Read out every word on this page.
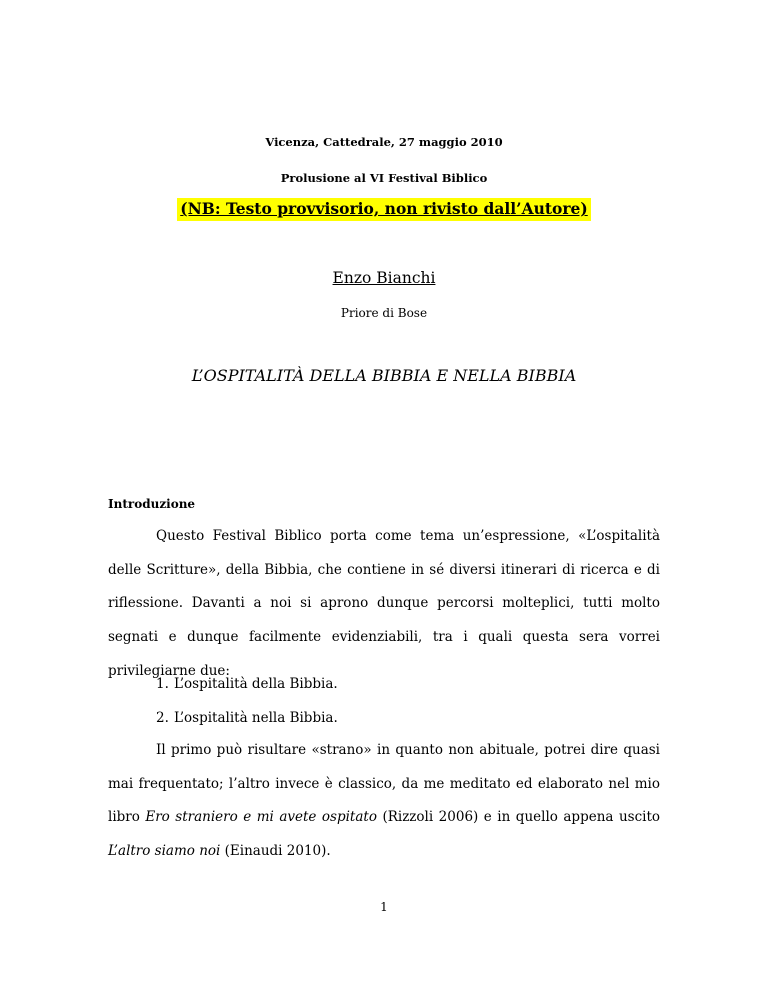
Vicenza, Cattedrale, 27 maggio 2010
Prolusione al VI Festival Biblico
(NB: Testo provvisorio, non rivisto dall’Autore)
Enzo Bianchi
Priore di Bose
L’OSPITALITÀ DELLA BIBBIA E NELLA BIBBIA
Introduzione

Questo Festival Biblico porta come tema un’espressione, «L’ospitalità delle Scritture», della Bibbia, che contiene in sé diversi itinerari di ricerca e di riflessione. Davanti a noi si aprono dunque percorsi molteplici, tutti molto segnati e dunque facilmente evidenziabili, tra i quali questa sera vorrei privilegiarne due:

1. L’ospitalità della Bibbia.
2. L’ospitalità nella Bibbia.

Il primo può risultare «strano» in quanto non abituale, potrei dire quasi mai frequentato; l’altro invece è classico, da me meditato ed elaborato nel mio libro Ero straniero e mi avete ospitato (Rizzoli 2006) e in quello appena uscito L’altro siamo noi (Einaudi 2010).

1
